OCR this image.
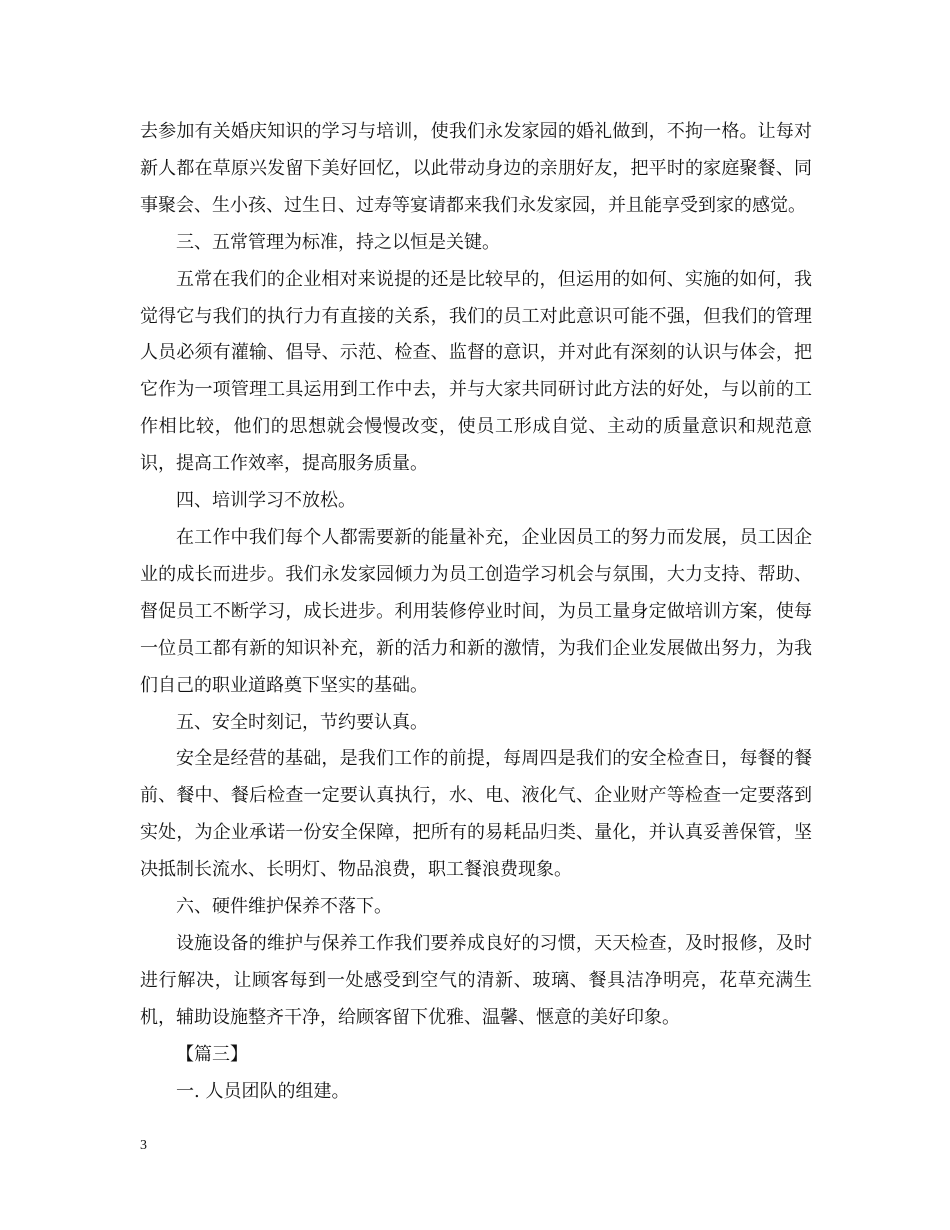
去参加有关婚庆知识的学习与培训，使我们永发家园的婚礼做到，不拘一格。让每对新人都在草原兴发留下美好回忆，以此带动身边的亲朋好友，把平时的家庭聚餐、同事聚会、生小孩、过生日、过寿等宴请都来我们永发家园，并且能享受到家的感觉。

三、五常管理为标准，持之以恒是关键。

五常在我们的企业相对来说提的还是比较早的，但运用的如何、实施的如何，我觉得它与我们的执行力有直接的关系，我们的员工对此意识可能不强，但我们的管理人员必须有灌输、倡导、示范、检查、监督的意识，并对此有深刻的认识与体会，把它作为一项管理工具运用到工作中去，并与大家共同研讨此方法的好处，与以前的工作相比较，他们的思想就会慢慢改变，使员工形成自觉、主动的质量意识和规范意识，提高工作效率，提高服务质量。

四、培训学习不放松。

在工作中我们每个人都需要新的能量补充，企业因员工的努力而发展，员工因企业的成长而进步。我们永发家园倾力为员工创造学习机会与氛围，大力支持、帮助、督促员工不断学习，成长进步。利用装修停业时间，为员工量身定做培训方案，使每一位员工都有新的知识补充，新的活力和新的激情，为我们企业发展做出努力，为我们自己的职业道路奠下坚实的基础。

五、安全时刻记，节约要认真。

安全是经营的基础，是我们工作的前提，每周四是我们的安全检查日，每餐的餐前、餐中、餐后检查一定要认真执行，水、电、液化气、企业财产等检查一定要落到实处，为企业承诺一份安全保障，把所有的易耗品归类、量化，并认真妥善保管，坚决抵制长流水、长明灯、物品浪费，职工餐浪费现象。

六、硬件维护保养不落下。

设施设备的维护与保养工作我们要养成良好的习惯，天天检查，及时报修，及时进行解决，让顾客每到一处感受到空气的清新、玻璃、餐具洁净明亮，花草充满生机，辅助设施整齐干净，给顾客留下优雅、温馨、惬意的美好印象。

【篇三】

一. 人员团队的组建。

3
